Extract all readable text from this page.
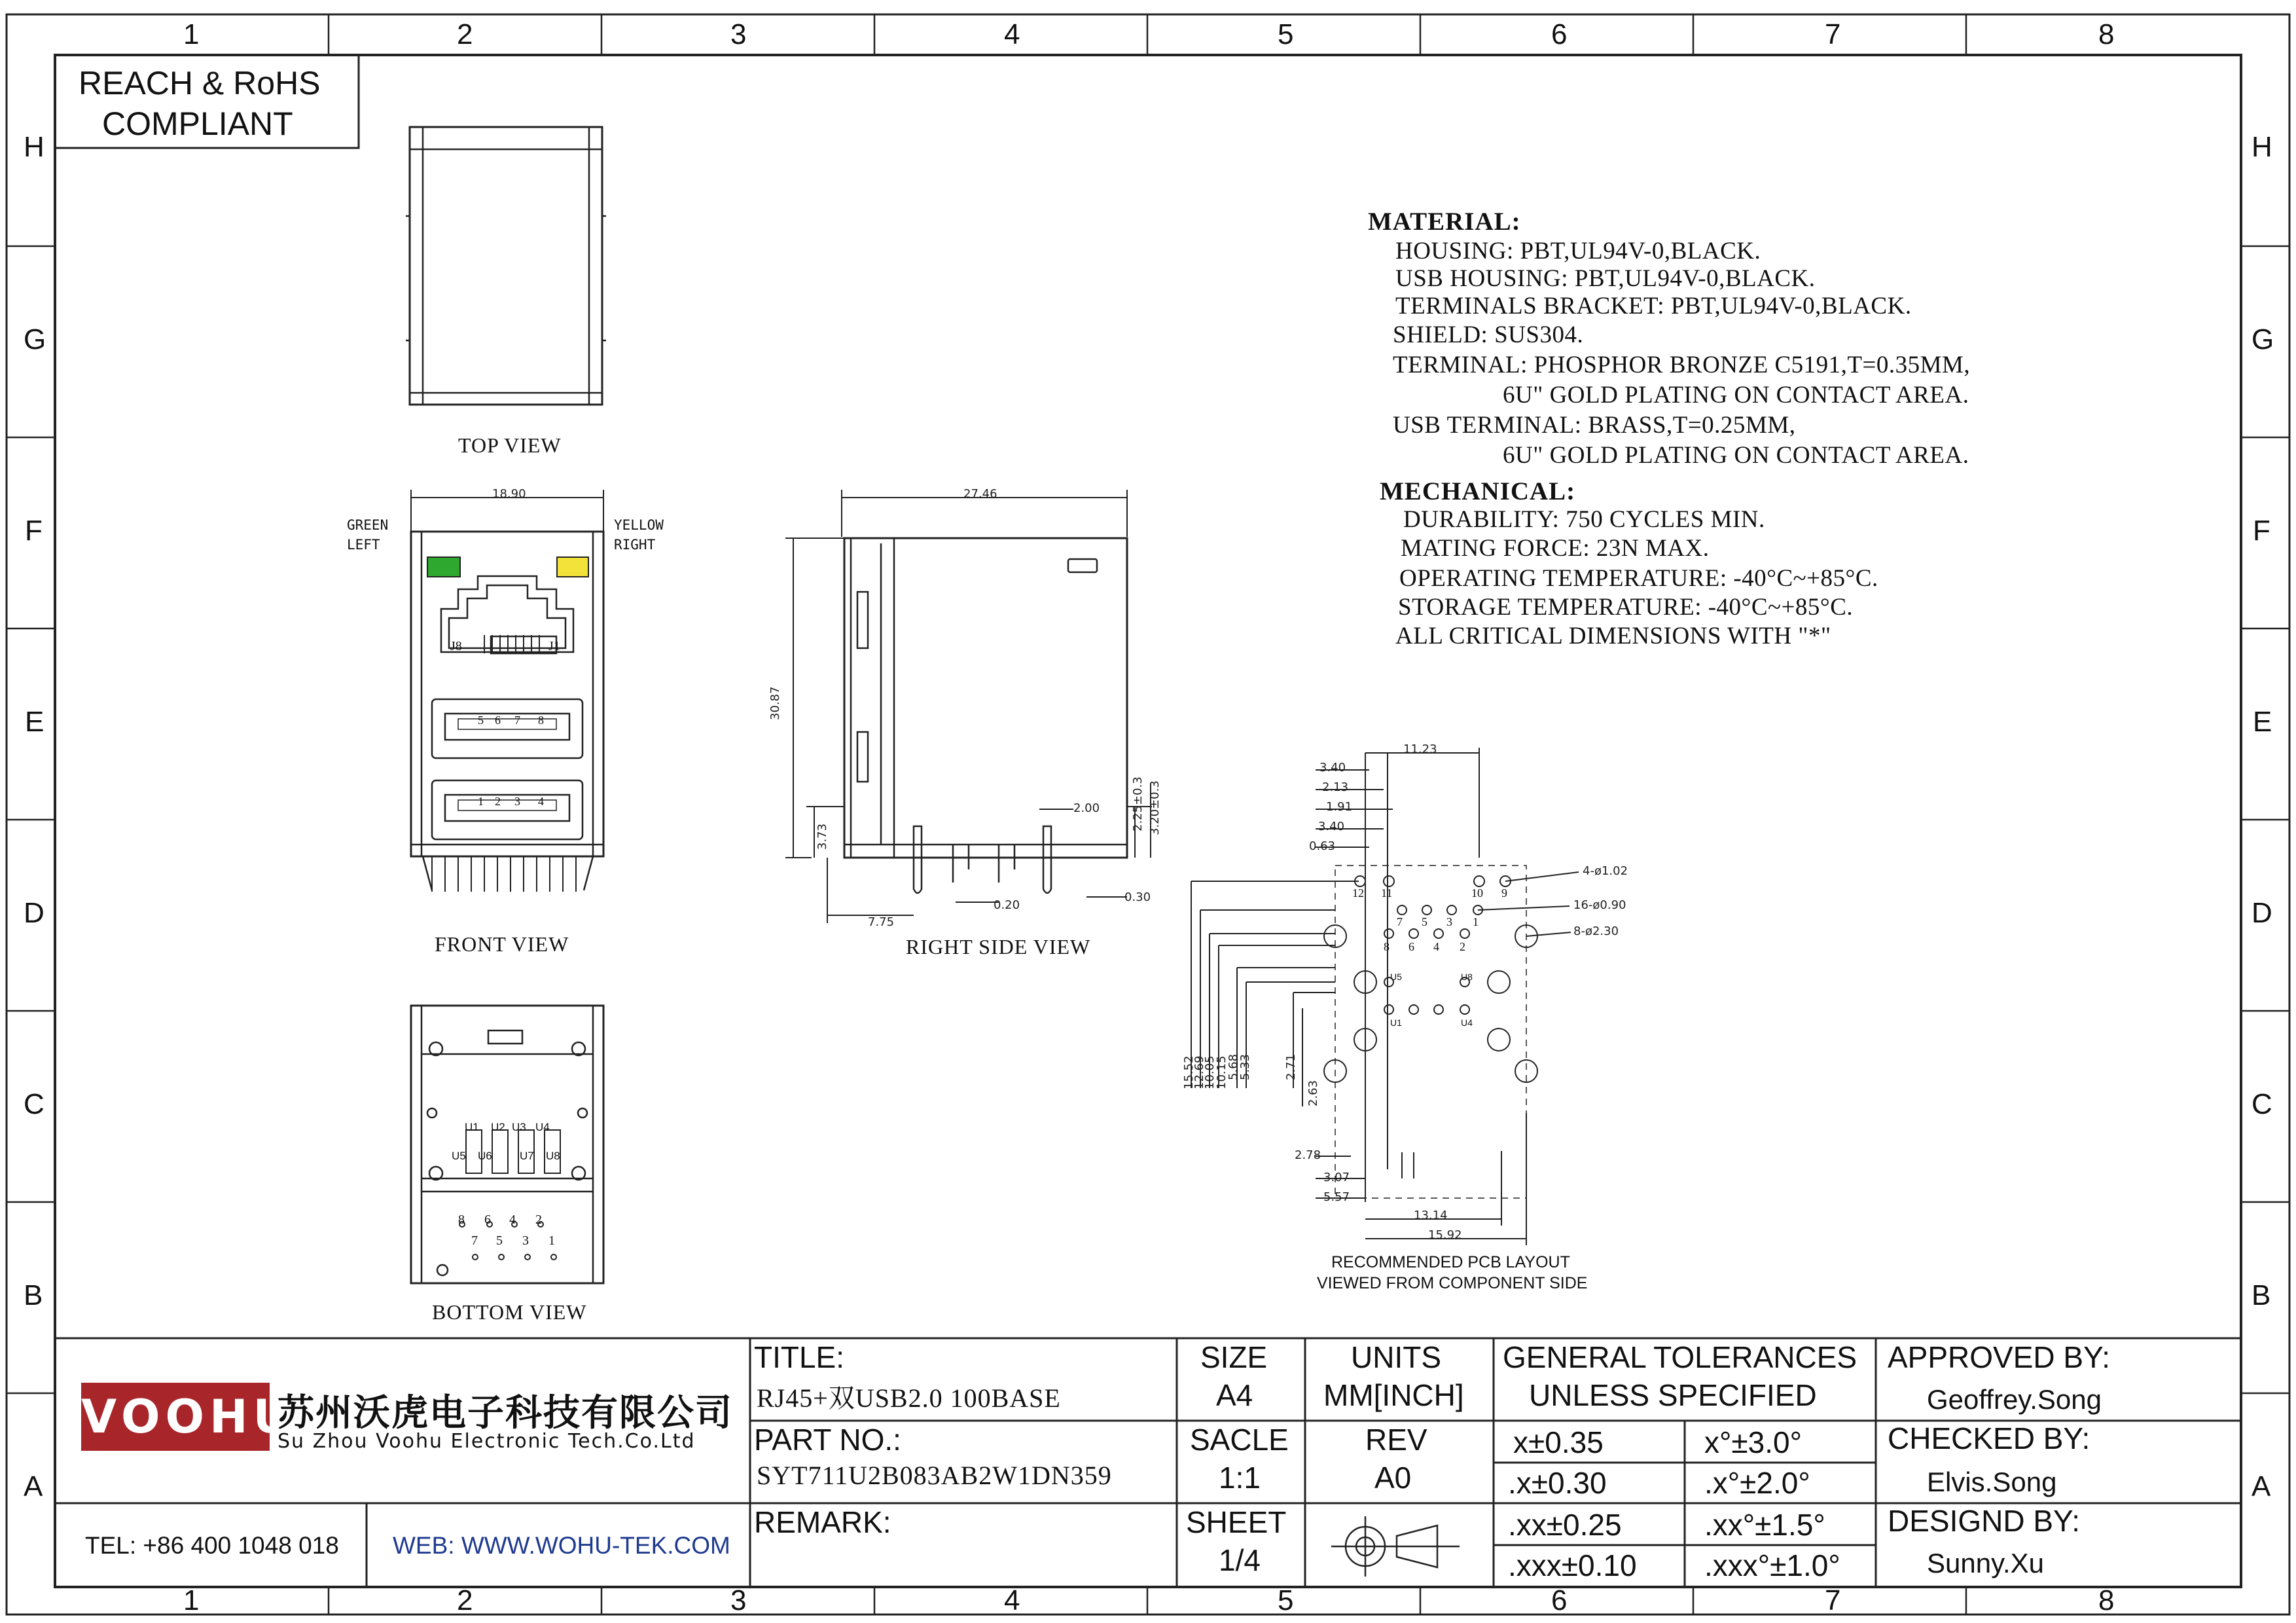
1	2	3	4	5	6	7	8
1	2	3	4	5	6	7	8
H
G
F
E
D
C
B
A
H
G
F
E
D
C
B
A
REACH & RoHS
COMPLIANT
TOP VIEW
FRONT VIEW	RIGHT SIDE VIEW
BOTTOM VIEW
RECOMMENDED PCB LAYOUT
VIEWED FROM COMPONENT SIDE
GREEN
LEFT
YELLOW
RIGHT
J8	J1
5 6 7 8
1 2 3 4
U1 U2 U3 U4
U5 U6 U7 U8
8 6 4 2
7 5 3 1
MATERIAL:
HOUSING: PBT,UL94V-0,BLACK.
USB HOUSING: PBT,UL94V-0,BLACK.
TERMINALS BRACKET: PBT,UL94V-0,BLACK.
SHIELD: SUS304.
TERMINAL: PHOSPHOR BRONZE C5191,T=0.35MM,
6U" GOLD PLATING ON CONTACT AREA.
USB TERMINAL: BRASS,T=0.25MM,
6U" GOLD PLATING ON CONTACT AREA.
MECHANICAL:
DURABILITY: 750 CYCLES MIN.
MATING FORCE: 23N MAX.
OPERATING TEMPERATURE: -40°C~+85°C.
STORAGE TEMPERATURE: -40°C~+85°C.
ALL CRITICAL DIMENSIONS WITH "*"
18.90	27.46
30.87
3.73
2.00	2.25±0.3 3.20±0.3
7.75
0.20
0.30
11.23
3.40
2.13
1.91
3.40
0.63
15.52
12.69
10.05
10.15
5.68
5.33	2.71
2.63
2.78
3.07
5.57
13.14
15.92
4-ø1.02
16-ø0.90
8-ø2.30
12 11	10 9
7 5 3 1
8 6 4 2
U5	U8
U1	U4
VOOHU
苏州沃虎电子科技有限公司
Su Zhou Voohu Electronic Tech.Co.Ltd
TEL: +86 400 1048 018 WEB: WWW.WOHU-TEK.COM
TITLE:
RJ45+双USB2.0 100BASE
PART NO.:
SYT711U2B083AB2W1DN359
REMARK:
SIZE
A4
UNITS
MM[INCH]
SACLE
1:1
REV
A0
SHEET
1/4
GENERAL TOLERANCES
UNLESS SPECIFIED
x±0.35	x°±3.0°
.x±0.30	.x°±2.0°
.xx±0.25	.xx°±1.5°
.xxx±0.10 .xxx°±1.0°
APPROVED BY:
Geoffrey.Song
CHECKED BY:
Elvis.Song
DESIGND BY:
Sunny.Xu
